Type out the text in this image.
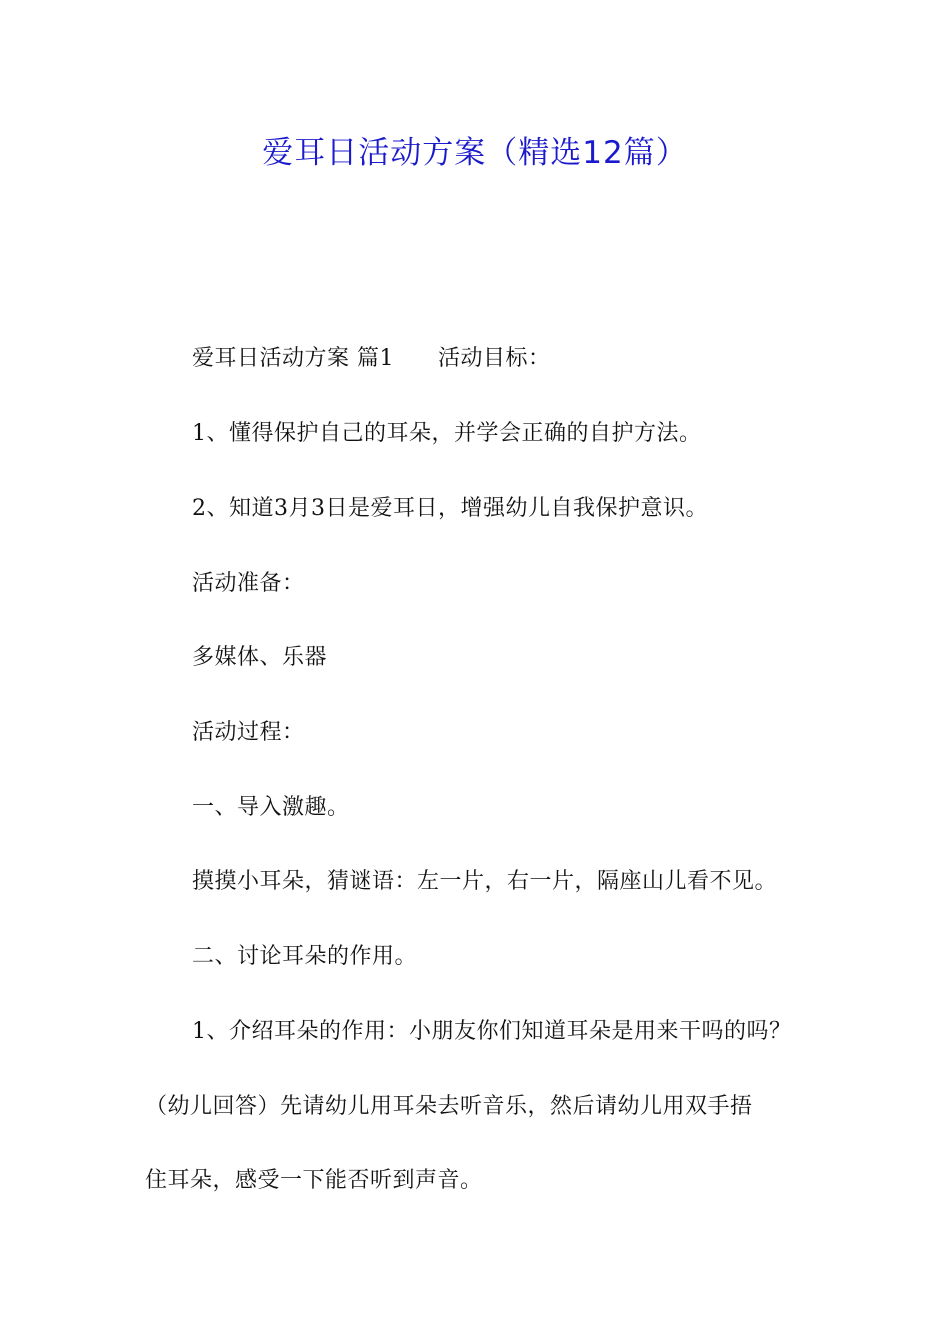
爱耳日活动方案（精选12篇）
爱耳日活动方案 篇1 活动目标：
1、懂得保护自己的耳朵，并学会正确的自护方法。
2、知道3月3日是爱耳日，增强幼儿自我保护意识。
活动准备：
多媒体、乐器
活动过程：
一、导入激趣。
摸摸小耳朵，猜谜语：左一片，右一片，隔座山儿看不见。
二、讨论耳朵的作用。
1、介绍耳朵的作用：小朋友你们知道耳朵是用来干吗的吗？
（幼儿回答）先请幼儿用耳朵去听音乐，然后请幼儿用双手捂
住耳朵，感受一下能否听到声音。
